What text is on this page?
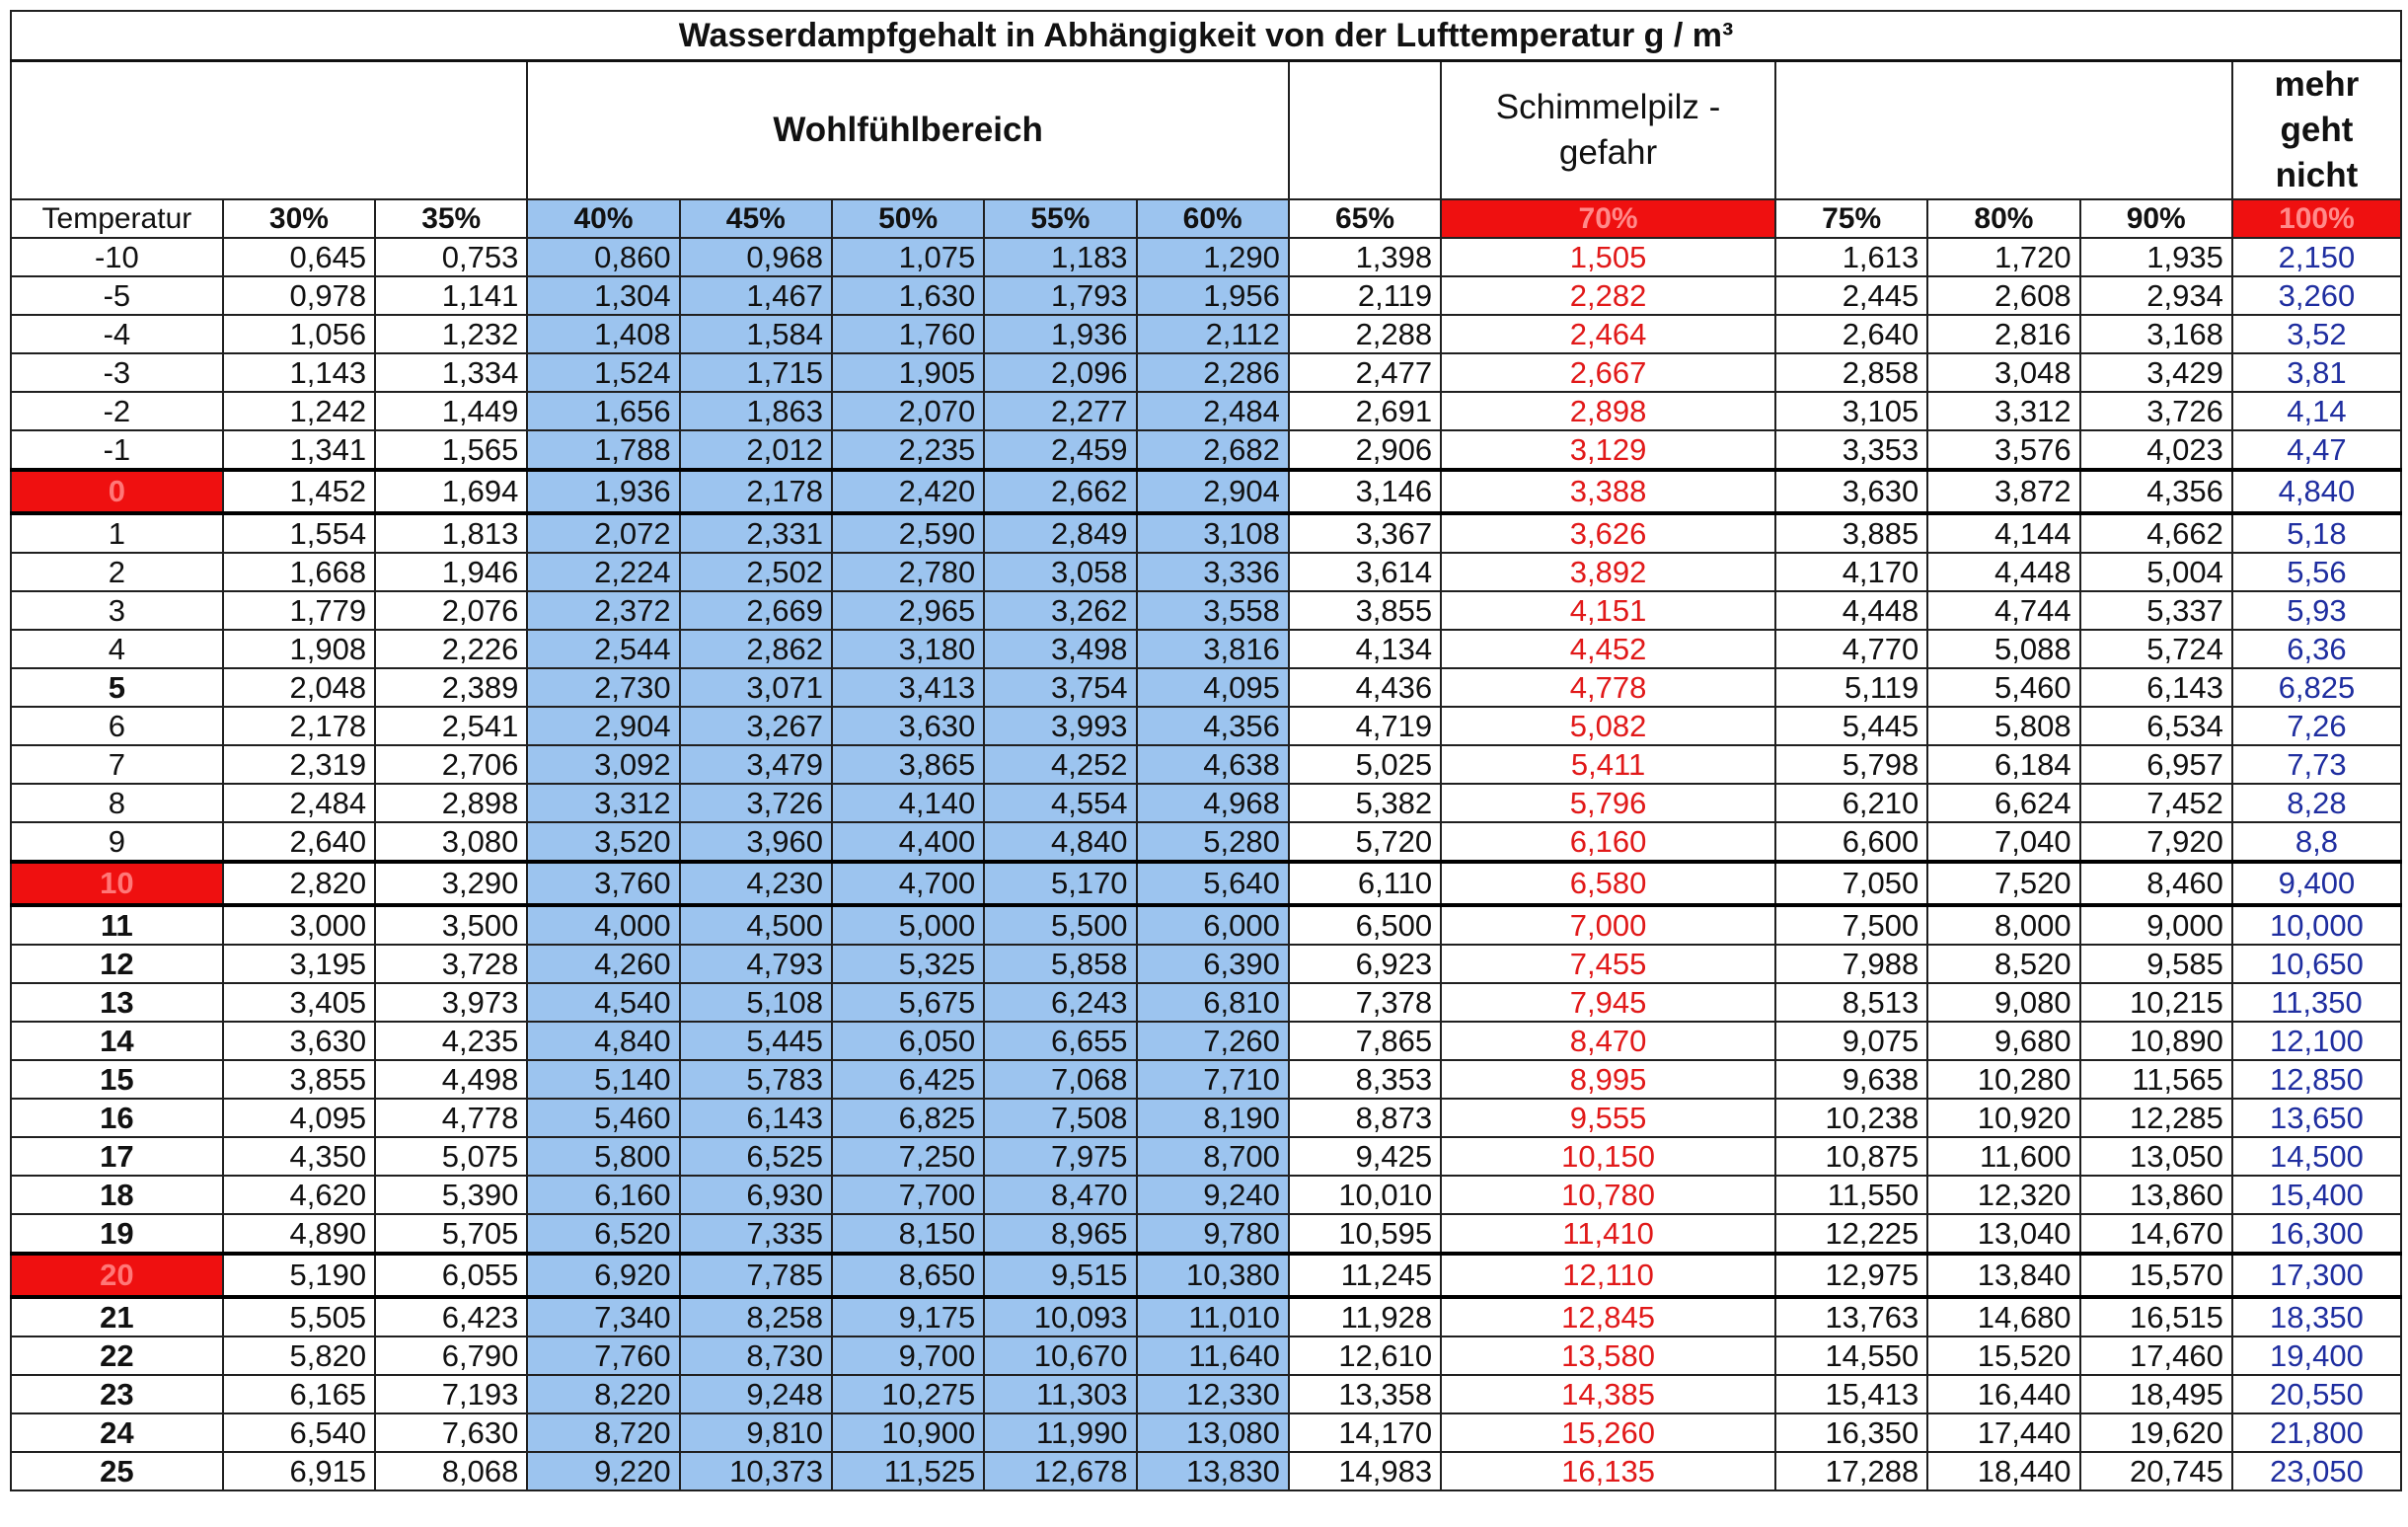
Wasserdampfgehalt in Abhängigkeit von der Lufttemperatur g / m³													
			Wohlfühlbereich						Schimmelpilz - gefahr				mehr geht nicht
Temperatur	30%	35%	40%	45%	50%	55%	60%	65%	70%	75%	80%	90%	100%
-10	0,645	0,753	0,860	0,968	1,075	1,183	1,290	1,398	1,505	1,613	1,720	1,935	2,150
-5	0,978	1,141	1,304	1,467	1,630	1,793	1,956	2,119	2,282	2,445	2,608	2,934	3,260
-4	1,056	1,232	1,408	1,584	1,760	1,936	2,112	2,288	2,464	2,640	2,816	3,168	3,52
-3	1,143	1,334	1,524	1,715	1,905	2,096	2,286	2,477	2,667	2,858	3,048	3,429	3,81
-2	1,242	1,449	1,656	1,863	2,070	2,277	2,484	2,691	2,898	3,105	3,312	3,726	4,14
-1	1,341	1,565	1,788	2,012	2,235	2,459	2,682	2,906	3,129	3,353	3,576	4,023	4,47
0	1,452	1,694	1,936	2,178	2,420	2,662	2,904	3,146	3,388	3,630	3,872	4,356	4,840
1	1,554	1,813	2,072	2,331	2,590	2,849	3,108	3,367	3,626	3,885	4,144	4,662	5,18
2	1,668	1,946	2,224	2,502	2,780	3,058	3,336	3,614	3,892	4,170	4,448	5,004	5,56
3	1,779	2,076	2,372	2,669	2,965	3,262	3,558	3,855	4,151	4,448	4,744	5,337	5,93
4	1,908	2,226	2,544	2,862	3,180	3,498	3,816	4,134	4,452	4,770	5,088	5,724	6,36
5	2,048	2,389	2,730	3,071	3,413	3,754	4,095	4,436	4,778	5,119	5,460	6,143	6,825
6	2,178	2,541	2,904	3,267	3,630	3,993	4,356	4,719	5,082	5,445	5,808	6,534	7,26
7	2,319	2,706	3,092	3,479	3,865	4,252	4,638	5,025	5,411	5,798	6,184	6,957	7,73
8	2,484	2,898	3,312	3,726	4,140	4,554	4,968	5,382	5,796	6,210	6,624	7,452	8,28
9	2,640	3,080	3,520	3,960	4,400	4,840	5,280	5,720	6,160	6,600	7,040	7,920	8,8
10	2,820	3,290	3,760	4,230	4,700	5,170	5,640	6,110	6,580	7,050	7,520	8,460	9,400
11	3,000	3,500	4,000	4,500	5,000	5,500	6,000	6,500	7,000	7,500	8,000	9,000	10,000
12	3,195	3,728	4,260	4,793	5,325	5,858	6,390	6,923	7,455	7,988	8,520	9,585	10,650
13	3,405	3,973	4,540	5,108	5,675	6,243	6,810	7,378	7,945	8,513	9,080	10,215	11,350
14	3,630	4,235	4,840	5,445	6,050	6,655	7,260	7,865	8,470	9,075	9,680	10,890	12,100
15	3,855	4,498	5,140	5,783	6,425	7,068	7,710	8,353	8,995	9,638	10,280	11,565	12,850
16	4,095	4,778	5,460	6,143	6,825	7,508	8,190	8,873	9,555	10,238	10,920	12,285	13,650
17	4,350	5,075	5,800	6,525	7,250	7,975	8,700	9,425	10,150	10,875	11,600	13,050	14,500
18	4,620	5,390	6,160	6,930	7,700	8,470	9,240	10,010	10,780	11,550	12,320	13,860	15,400
19	4,890	5,705	6,520	7,335	8,150	8,965	9,780	10,595	11,410	12,225	13,040	14,670	16,300
20	5,190	6,055	6,920	7,785	8,650	9,515	10,380	11,245	12,110	12,975	13,840	15,570	17,300
21	5,505	6,423	7,340	8,258	9,175	10,093	11,010	11,928	12,845	13,763	14,680	16,515	18,350
22	5,820	6,790	7,760	8,730	9,700	10,670	11,640	12,610	13,580	14,550	15,520	17,460	19,400
23	6,165	7,193	8,220	9,248	10,275	11,303	12,330	13,358	14,385	15,413	16,440	18,495	20,550
24	6,540	7,630	8,720	9,810	10,900	11,990	13,080	14,170	15,260	16,350	17,440	19,620	21,800
25	6,915	8,068	9,220	10,373	11,525	12,678	13,830	14,983	16,135	17,288	18,440	20,745	23,050
